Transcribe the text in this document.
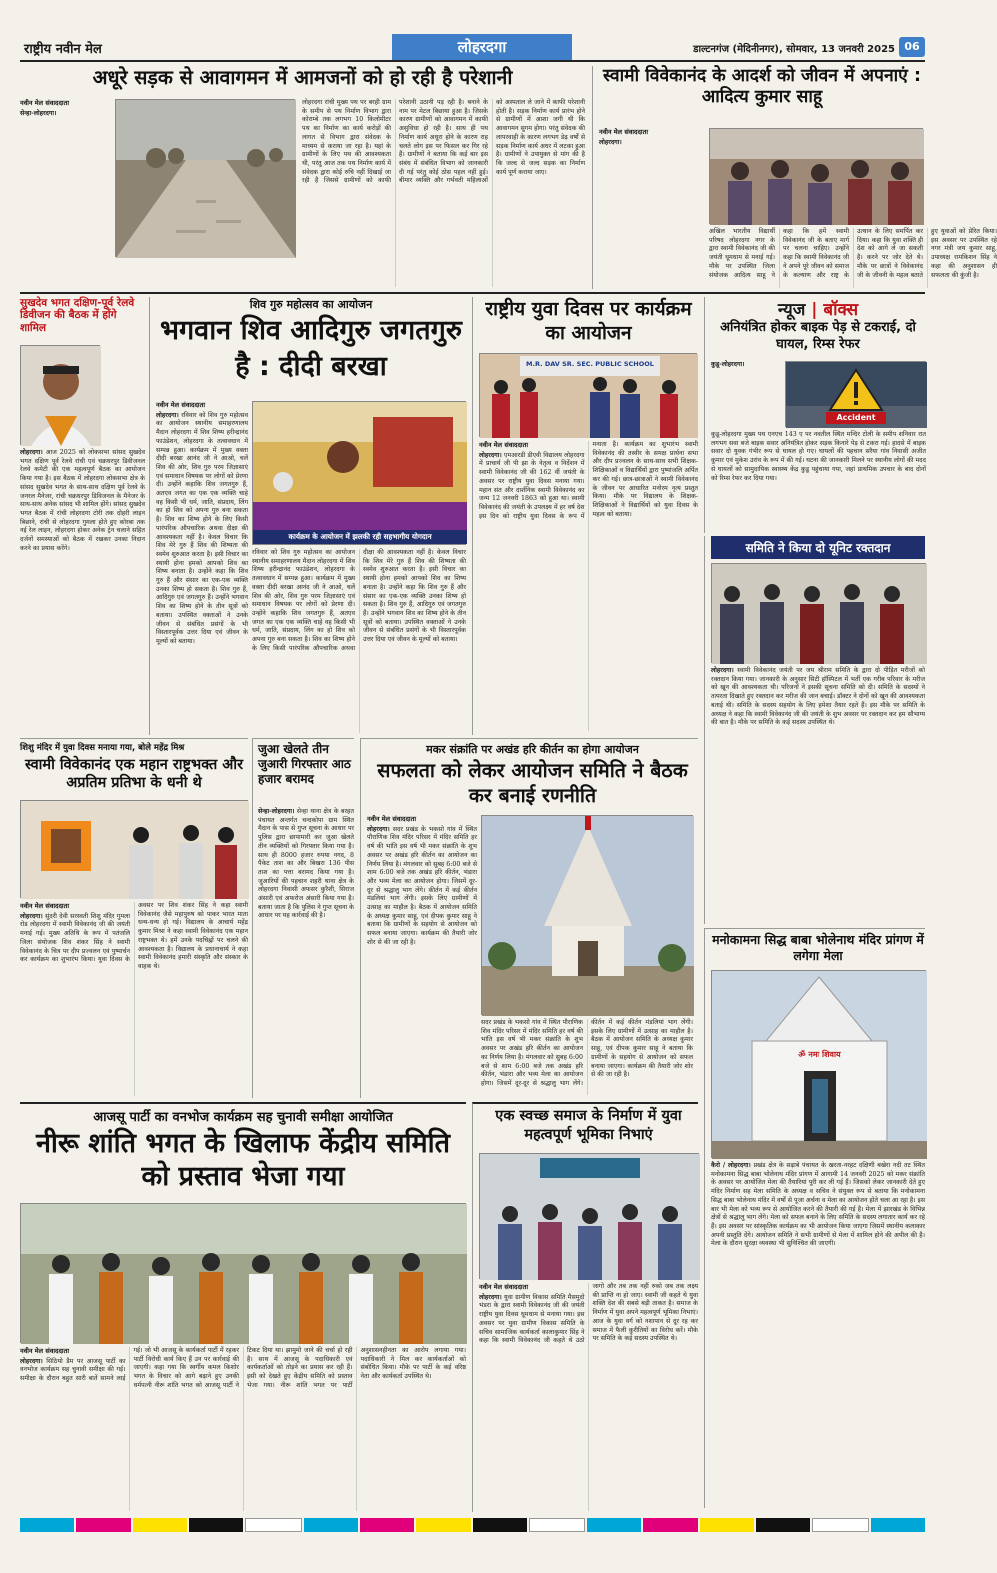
राष्ट्रीय नवीन मेल	लोहरदगा	डाल्टनगंज (मेदिनीनगर), सोमवार, 13 जनवरी 2025 06
अधूरे सड़क से आवागमन में आमजनों को हो रही है परेशानी
नवीन मेल संवाददाता
सेन्हा-लोहरदगा।
लोहरदगा रांची मुख्य पथ पर बरही ग्राम के समीप से पथ निर्माण विभाग द्वारा कोराम्बे तक लगभग 10 किलोमीटर पथ का निर्माण का कार्य करोड़ों की लागत से विभाग द्वारा संवेदक के माध्यम से कराया जा रहा है। यहां के ग्रामीणों के लिए पथ की आवश्यकता थी, परंतु आज तक पथ निर्माण कार्य में संवेदक द्वारा कोई रुचि नहीं दिखाई जा रही है जिससे ग्रामीणों को काफी परेशानी उठानी पड़ रही है। बनाने के नाम पर मेटल बिछाया हुआ है। जिसके कारण ग्रामीणों को आवागमन में काफी असुविधा हो रही है। साथ ही पथ निर्माण कार्य अधूरा होने के कारण राह चलते लोग इस पर फिसल कर गिर रहे हैं। ग्रामीणों ने बताया कि कई बार इस संबंध में संबंधित विभाग को जानकारी दी गई परंतु कोई ठोस पहल नहीं हुई। बीमार व्यक्ति और गर्भवती महिलाओं को अस्पताल ले जाने में काफी परेशानी होती है। सड़क निर्माण कार्य प्रारंभ होने से ग्रामीणों में आशा जगी थी कि आवागमन सुगम होगा। परंतु संवेदक की लापरवाही के कारण लगभग डेढ़ वर्षों से सड़क निर्माण कार्य अधर में लटका हुआ है। ग्रामीणों ने उपायुक्त से मांग की है कि जल्द से जल्द सड़क का निर्माण कार्य पूर्ण कराया जाए।
स्वामी विवेकानंद के आदर्श को जीवन में अपनाएं : आदित्य कुमार साहू
नवीन मेल संवाददाता
लोहरदगा।
अखिल भारतीय विद्यार्थी परिषद लोहरदगा नगर के द्वारा स्वामी विवेकानंद जी की जयंती धूमधाम से मनाई गई। मौके पर उपस्थित जिला संयोजक आदित्य साहू ने कहा कि हमें स्वामी विवेकानंद जी के बताए मार्ग पर चलना चाहिए। उन्होंने कहा कि स्वामी विवेकानंद जी ने अपने पूरे जीवन को समाज के कल्याण और राष्ट्र के उत्थान के लिए समर्पित कर दिया। कहा कि युवा शक्ति ही देश को आगे ले जा सकती है। करने पर जोर देते थे। मौके पर छात्रों ने विवेकानंद जी के जीवनी के महत्व बताते हुए युवाओं को प्रेरित किया। इस अवसर पर उपस्थित रहे नगर मंत्री जय कुमार साहू, उपाध्यक्ष रामकिशन सिंह ने कहा की अनुशासन ही सफलता की कुंजी है।
सुखदेव भगत दक्षिण-पूर्व रेलवे डिवीजन की बैठक में होंगे शामिल
लोहरदगा। आज 2025 को लोकसभा सांसद सुखदेव भगत दक्षिण पूर्व रेलवे रांची एवं चक्रधरपुर डिवीजनल रेलवे कमेटी की एक महत्वपूर्ण बैठक का आयोजन किया गया है। इस बैठक में लोहरदगा लोकसभा क्षेत्र के सांसद सुखदेव भगत के साथ-साथ दक्षिण पूर्व रेलवे के जनरल मैनेजर, रांची चक्रधरपुर डिविजनल के मैनेजर के साथ-साथ अनेक सांसद भी शामिल होंगे। सांसद सुखदेव भगत बैठक में रांची लोहरदगा टोरी तक दोहरी लाइन बिछाने, रांची से लोहरदगा गुमला होते हुए कोरबा तक नई रेल लाइन, लोहरदगा होकर अनेक ट्रेन चलाने सहित दर्जनों समस्याओं को बैठक में रखकर उनका निदान करने का प्रयास करेंगे।
शिव गुरु महोत्सव का आयोजन
भगवान शिव आदिगुरु जगतगुरु है : दीदी बरखा
कार्यक्रम के आयोजन में झलकी रही सहभागीय योगदान
नवीन मेल संवाददाता
लोहरदगा। रविवार को शिव गुरु महोत्सव का आयोजन स्थानीय समाहरणालय मैदान लोहरदगा में शिव शिष्य हरीन्द्रानंद फाउंडेशन, लोहरदगा के तत्वावधान में सम्पन्न हुआ। कार्यक्रम में मुख्य वक्ता दीदी बरखा आनंद जी ने आओ, चलें शिव की ओर, शिव गुरु परम जिज्ञासाएं एवं समाधान विषयक पर लोगों को प्रेरणा दी। उन्होंने कहाकि शिव जगतगुरु हैं, अतएव जगत का एक एक व्यक्ति चाहे वह किसी भी धर्म, जाति, संप्रदाय, लिंग का हो शिव को अपना गुरु बना सकता है। शिव का शिष्य होने के लिए किसी पारंपरिक औपचारिक अथवा दीक्षा की आवश्यकता नहीं है। केवल विचार कि शिव मेरे गुरु हैं शिव की शिष्यता की स्वमेव शुरुआत करता है। इसी विचार का स्थायी होना हमको आपको शिव का शिष्य बनाता है। उन्होंने कहा कि शिव गुरु हैं और संसार का एक-एक व्यक्ति उनका शिष्य हो सकता है। शिव गुरु हैं, आदिगुरु एवं जगतगुरु हैं। उन्होंने भगवान शिव का शिष्य होने के तीन सूत्रों को बताया। उपस्थित वक्ताओं ने उनके जीवन से संबंधित प्रसंगों के भी विस्तारपूर्वक उत्तर दिया एवं जीवन के मूल्यों को बताया।
रविवार को शिव गुरु महोत्सव का आयोजन स्थानीय समाहरणालय मैदान लोहरदगा में शिव शिष्य हरीन्द्रानंद फाउंडेशन, लोहरदगा के तत्वावधान में सम्पन्न हुआ। कार्यक्रम में मुख्य वक्ता दीदी बरखा आनंद जी ने आओ, चलें शिव की ओर, शिव गुरु परम जिज्ञासाएं एवं समाधान विषयक पर लोगों को प्रेरणा दी। उन्होंने कहाकि शिव जगतगुरु हैं, अतएव जगत का एक एक व्यक्ति चाहे वह किसी भी धर्म, जाति, संप्रदाय, लिंग का हो शिव को अपना गुरु बना सकता है। शिव का शिष्य होने के लिए किसी पारंपरिक औपचारिक अथवा दीक्षा की आवश्यकता नहीं है। केवल विचार कि शिव मेरे गुरु हैं शिव की शिष्यता की स्वमेव शुरुआत करता है। इसी विचार का स्थायी होना हमको आपको शिव का शिष्य बनाता है। उन्होंने कहा कि शिव गुरु हैं और संसार का एक-एक व्यक्ति उनका शिष्य हो सकता है। शिव गुरु हैं, आदिगुरु एवं जगतगुरु हैं। उन्होंने भगवान शिव का शिष्य होने के तीन सूत्रों को बताया। उपस्थित वक्ताओं ने उनके जीवन से संबंधित प्रसंगों के भी विस्तारपूर्वक उत्तर दिया एवं जीवन के मूल्यों को बताया।
राष्ट्रीय युवा दिवस पर कार्यक्रम का आयोजन
M.R. DAV SR. SEC. PUBLIC SCHOOL
नवीन मेल संवाददाता
लोहरदगा। एमआरडी डीएवी विद्यालय लोहरदगा में प्राचार्य जी पी झा के नेतृत्व व निर्देशन में स्वामी विवेकानंद जी की 162 वीं जयंती के अवसर पर राष्ट्रीय युवा दिवस मनाया गया। महान संत और दार्शनिक स्वामी विवेकानंद का जन्म 12 जनवरी 1863 को हुआ था। स्वामी विवेकानंद की जयंती के उपलक्ष्य में हर वर्ष देश इस दिन को राष्ट्रीय युवा दिवस के रूप में मनाता है। कार्यक्रम का शुभारंभ स्वामी विवेकानंद की तस्वीर के समक्ष प्रार्थना सभा और दीप प्रज्वलन के साथ-साथ सभी शिक्षक-शिक्षिकाओं व विद्यार्थियों द्वारा पुष्पांजलि अर्पित कर की गई। छात्र-छात्राओं ने स्वामी विवेकानंद के जीवन पर आधारित मनोरम नृत्य प्रस्तुत किया। मौके पर विद्यालय के शिक्षक-शिक्षिकाओं ने विद्यार्थियों को युवा दिवस के महत्व को बताया।
न्यूज | बॉक्स
अनियंत्रित होकर बाइक पेड़ से टकराई, दो घायल, रिम्स रेफर
Accident
कुडू-लोहरदगा।
कुडू-लोहरदगा मुख्य पथ एनएच 143 ए पर नवतील स्थित मन्दिर टोली के समीप शनिवार रात लगभग सवा बजे बाइक सवार अनियंत्रित होकर सड़क किनारे पेड़ से टकरा गई। हादसे में बाइक सवार दो युवक गंभीर रूप से घायल हो गए। घायलों की पहचान सरैया गांव निवासी अजीत कुमार एवं मुकेश उरांव के रूप में की गई। घटना की जानकारी मिलने पर स्थानीय लोगों की मदद से घायलों को सामुदायिक स्वास्थ्य केंद्र कुडू पहुंचाया गया, जहां प्राथमिक उपचार के बाद दोनों को रिम्स रेफर कर दिया गया।
समिति ने किया दो यूनिट रक्तदान
लोहरदगा। स्वामी विवेकानंद जयंती पर जय श्रीराम समिति के द्वारा दो पीड़ित मरीजों को रक्तदान किया गया। जानकारी के अनुसार सिटी हॉस्पिटल में भर्ती एक गरीब परिवार के मरीज को खून की आवश्यकता थी। परिजनों ने इसकी सूचना समिति को दी। समिति के सदस्यों ने तत्परता दिखाते हुए रक्तदान कर मरीज की जान बचाई। डॉक्टर ने दोनों को खून की आवश्यकता बताई थी। समिति के सदस्य सहयोग के लिए हमेशा तैयार रहते हैं। इस मौके पर समिति के अध्यक्ष ने कहा कि स्वामी विवेकानंद जी की जयंती के शुभ अवसर पर रक्तदान कर हम सौभाग्य की बात है। मौके पर समिति के कई सदस्य उपस्थित थे।
शिशु मंदिर में युवा दिवस मनाया गया, बोले महेंद्र मिश्र
स्वामी विवेकानंद एक महान राष्ट्रभक्त और अप्रतिम प्रतिभा के धनी थे
नवीन मेल संवाददाता
लोहरदगा। सुंदरी देवी सरस्वती शिशु मंदिर गुमला रोड लोहरदगा में स्वामी विवेकानंद जी की जयंती मनाई गई। मुख्य अतिथि के रूप में पतंजलि जिला संयोजक शिव शंकर सिंह ने स्वामी विवेकानंद के चित्र पर दीप प्रज्वलन एवं पुष्पार्चन कर कार्यक्रम का शुभारंभ किया। युवा दिवस के अवसर पर शिव शंकर सिंह ने कहा स्वामी विवेकानंद जैसे महापुरुष को पाकर भारत माता धन्य-धन्य हो गई। विद्यालय के आचार्य महेंद्र कुमार मिश्रा ने कहा स्वामी विवेकानंद एक महान राष्ट्रभक्त थे। हमें उनके पदचिह्नों पर चलने की आवश्यकता है। विद्यालय के प्रधानाचार्य ने कहा स्वामी विवेकानंद हमारी संस्कृति और संस्कार के वाहक थे।
जुआ खेलते तीन जुआरी गिरफ्तार आठ हजार बरामद
सेन्हा-लोहरदगा। सेन्हा थाना क्षेत्र के बरहत पंचायत अन्तर्गत चन्दकोपा ग्राम स्थित मैदान के पास से गुप्त सूचना के आधार पर पुलिस द्वारा छापामारी कर जुआ खेलते तीन व्यक्तियों को गिरफ्तार किया गया है। साथ ही 8000 हजार रुपया नगद, 8 पैकेट ताश का और बिखरा 136 पीस ताश का पत्ता बरामद किया गया है। जुआरियों की पहचान शहरी थाना क्षेत्र के लोहरदगा निवासी अफसर कुरैशी, सिराज अंसारी एवं अफरोज अंसारी किया गया है। बताया जाता है कि पुलिस ने गुप्त सूचना के आधार पर यह कार्रवाई की है।
मकर संक्रांति पर अखंड हरि कीर्तन का होगा आयोजन
सफलता को लेकर आयोजन समिति ने बैठक कर बनाई रणनीति
नवीन मेल संवाददाता
लोहरदगा। सदर प्रखंड के भकसो गांव में स्थित पौराणिक शिव मंदिर परिसर में मंदिर समिति हर वर्ष की भांति इस वर्ष भी मकर संक्रांति के शुभ अवसर पर अखंड हरि कीर्तन का आयोजन का निर्णय लिया है। मंगलवार को सुबह 6:00 बजे से शाम 6:00 बजे तक अखंड हरि कीर्तन, भंडारा और भव्य मेला का आयोजन होगा। जिसमें दूर-दूर से श्रद्धालु भाग लेंगे। कीर्तन में कई कीर्तन मंडलियां भाग लेंगी। इसके लिए ग्रामीणों में उत्साह का माहौल है। बैठक में आयोजन समिति के अध्यक्ष कुमार साहू, एवं दीपक कुमार साहू ने बताया कि ग्रामीणों के सहयोग से आयोजन को सफल बनाया जाएगा। कार्यक्रम की तैयारी जोर शोर से की जा रही है।
सदर प्रखंड के भकसो गांव में स्थित पौराणिक शिव मंदिर परिसर में मंदिर समिति हर वर्ष की भांति इस वर्ष भी मकर संक्रांति के शुभ अवसर पर अखंड हरि कीर्तन का आयोजन का निर्णय लिया है। मंगलवार को सुबह 6:00 बजे से शाम 6:00 बजे तक अखंड हरि कीर्तन, भंडारा और भव्य मेला का आयोजन होगा। जिसमें दूर-दूर से श्रद्धालु भाग लेंगे। कीर्तन में कई कीर्तन मंडलियां भाग लेंगी। इसके लिए ग्रामीणों में उत्साह का माहौल है। बैठक में आयोजन समिति के अध्यक्ष कुमार साहू, एवं दीपक कुमार साहू ने बताया कि ग्रामीणों के सहयोग से आयोजन को सफल बनाया जाएगा। कार्यक्रम की तैयारी जोर शोर से की जा रही है।
मनोकामना सिद्ध बाबा भोलेनाथ मंदिर प्रांगण में लगेगा मेला
ॐ नमः शिवाय
कैरो / लोहरदगा। प्रखंड क्षेत्र के सढ़ाबे पंचायत के खरता-नरहट दक्षिणी बखेरा नदी तट स्थित मनोकामना सिद्ध बाबा भोलेनाथ मंदिर प्रांगण में आगामी 14 जनवरी 2025 को मकर संक्रांति के अवसर पर आयोजित मेला की तैयारियां पूरी कर ली गई हैं। जिसको लेकर जानकारी देते हुए मंदिर निर्माण सह मेला समिति के अध्यक्ष व सचिव ने संयुक्त रूप से बताया कि मनोकामना सिद्ध बाबा भोलेनाथ मंदिर में वर्षों से पूजा अर्चना व मेला का आयोजन होते चला आ रहा है। इस बार भी मेला को भव्य रूप से आयोजित करने की तैयारी की गई है। मेला में झारखंड के विभिन्न क्षेत्रों से श्रद्धालु भाग लेंगे। मेला को सफल बनाने के लिए समिति के सदस्य लगातार कार्य कर रहे हैं। इस अवसर पर सांस्कृतिक कार्यक्रम का भी आयोजन किया जाएगा जिसमें स्थानीय कलाकार अपनी प्रस्तुति देंगे। आयोजन समिति ने सभी ग्रामीणों से मेला में शामिल होने की अपील की है। मेला के दौरान सुरक्षा व्यवस्था भी सुनिश्चित की जाएगी।
आजसू पार्टी का वनभोज कार्यक्रम सह चुनावी समीक्षा आयोजित
नीरू शांति भगत के खिलाफ केंद्रीय समिति को प्रस्ताव भेजा गया
नवीन मेल संवाददाता
लोहरदगा। सिठियो डैम पर आजसू पार्टी का वनभोज कार्यक्रम सह चुनावी समीक्षा की गई। समीक्षा के दौरान बहुत सारी बातें सामने लाई गई। जो भी आजसू के कार्यकर्ता पार्टी में रहकर पार्टी विरोधी कार्य किए हैं उन पर कार्रवाई की जाएगी। कहा गया कि स्वर्गीय कमल किशोर भगत के विचार को आगे बढ़ाने हुए उनकी धर्मपत्नी नीरू शांति भगत को आजसू पार्टी ने टिकट दिया था। झामुमो जाने की चर्चा हो रही है। साथ में आजसू के पदाधिकारी एवं कार्यकर्ताओं को तोड़ने का प्रयास कर रही हैं। इसी को देखते हुए केंद्रीय समिति को प्रस्ताव भेजा गया। नीरू शांति भगत पर पार्टी अनुशासनहीनता का आरोप लगाया गया। पदाधिकारी ने मिल कर कार्यकर्ताओं को संबोधित किया। मौके पर पार्टी के कई वरिष्ठ नेता और कार्यकर्ता उपस्थित थे।
एक स्वच्छ समाज के निर्माण में युवा महत्वपूर्ण भूमिका निभाएं
नवीन मेल संवाददाता
लोहरदगा। युवा ग्रामीण विकास समिति मैसमुदो भंडरा के द्वारा स्वामी विवेकानंद जी की जयंती राष्ट्रीय युवा दिवस धूमधाम से मनाया गया। इस अवसर पर युवा ग्रामीण विकास समिति के सचिव सामाजिक कार्यकर्ता कालाकुमार सिंह ने कहा कि स्वामी विवेकानंद जी कहते थे उठो जागो और तब तक नहीं रुको जब तक लक्ष्य की प्राप्ति ना हो जाए। स्वामी जी कहते थे युवा शक्ति देश की सबसे बड़ी ताकत है। समाज के निर्माण में युवा अपने महत्वपूर्ण भूमिका निभाएं। आज के युवा वर्ग को नशापान से दूर रह कर समाज में फैली कुरीतियों का विरोध करें। मौके पर समिति के कई सदस्य उपस्थित थे।
